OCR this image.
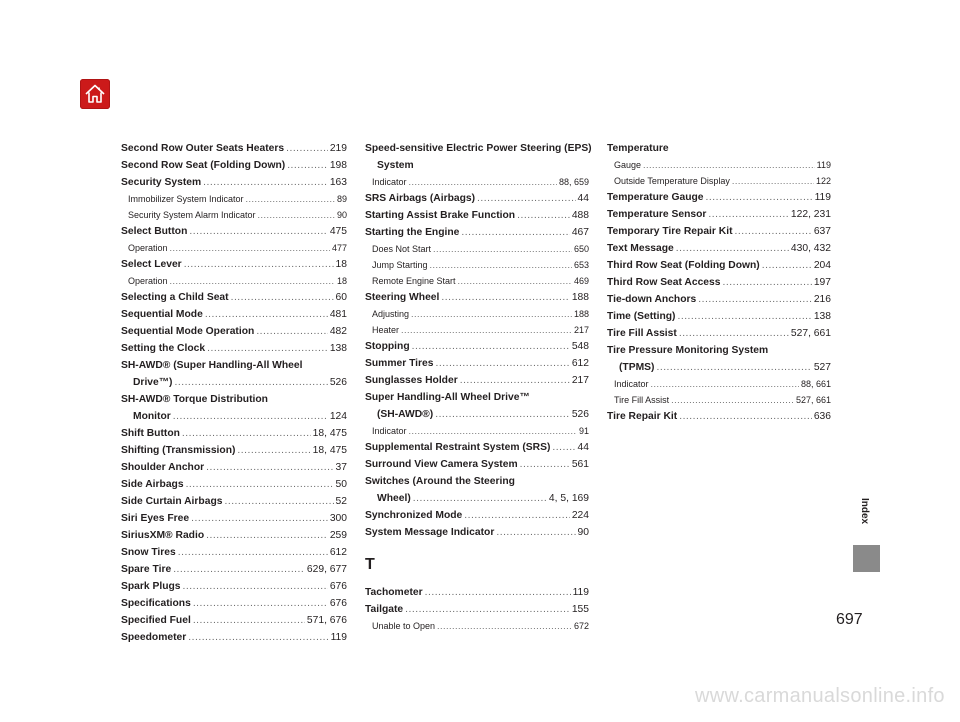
Second Row Outer Seats Heaters .....	219
Second Row Seat (Folding Down) .....	198
Security System .....	163
Immobilizer System Indicator .....	89
Security System Alarm Indicator .....	90
Select Button .....	475
Operation .....	477
Select Lever .....	18
Operation .....	18
Selecting a Child Seat .....	60
Sequential Mode .....	481
Sequential Mode Operation .....	482
Setting the Clock .....	138
SH-AWD® (Super Handling-All Wheel
Drive™) .....	526
SH-AWD® Torque Distribution
Monitor .....	124
Shift Button .....	18, 475
Shifting (Transmission) .....	18, 475
Shoulder Anchor .....	37
Side Airbags .....	50
Side Curtain Airbags .....	52
Siri Eyes Free .....	300
SiriusXM® Radio .....	259
Snow Tires .....	612
Spare Tire .....	629, 677
Spark Plugs .....	676
Specifications .....	676
Specified Fuel .....	571, 676
Speedometer .....	119
Speed-sensitive Electric Power Steering (EPS)
System
Indicator .....	88, 659
SRS Airbags (Airbags) .....	44
Starting Assist Brake Function .....	488
Starting the Engine .....	467
Does Not Start .....	650
Jump Starting .....	653
Remote Engine Start .....	469
Steering Wheel .....	188
Adjusting .....	188
Heater .....	217
Stopping .....	548
Summer Tires .....	612
Sunglasses Holder .....	217
Super Handling-All Wheel Drive™
(SH-AWD®) .....	526
Indicator .....	91
Supplemental Restraint System (SRS) .....	44
Surround View Camera System .....	561
Switches (Around the Steering
Wheel) .....	4, 5, 169
Synchronized Mode .....	224
System Message Indicator .....	90
T
Tachometer .....	119
Tailgate .....	155
Unable to Open .....	672
Temperature
Gauge .....	119
Outside Temperature Display .....	122
Temperature Gauge .....	119
Temperature Sensor .....	122, 231
Temporary Tire Repair Kit .....	637
Text Message .....	430, 432
Third Row Seat (Folding Down) .....	204
Third Row Seat Access .....	197
Tie-down Anchors .....	216
Time (Setting) .....	138
Tire Fill Assist .....	527, 661
Tire Pressure Monitoring System
(TPMS) .....	527
Indicator .....	88, 661
Tire Fill Assist .....	527, 661
Tire Repair Kit .....	636
Index
697
www.carmanualsonline.info
